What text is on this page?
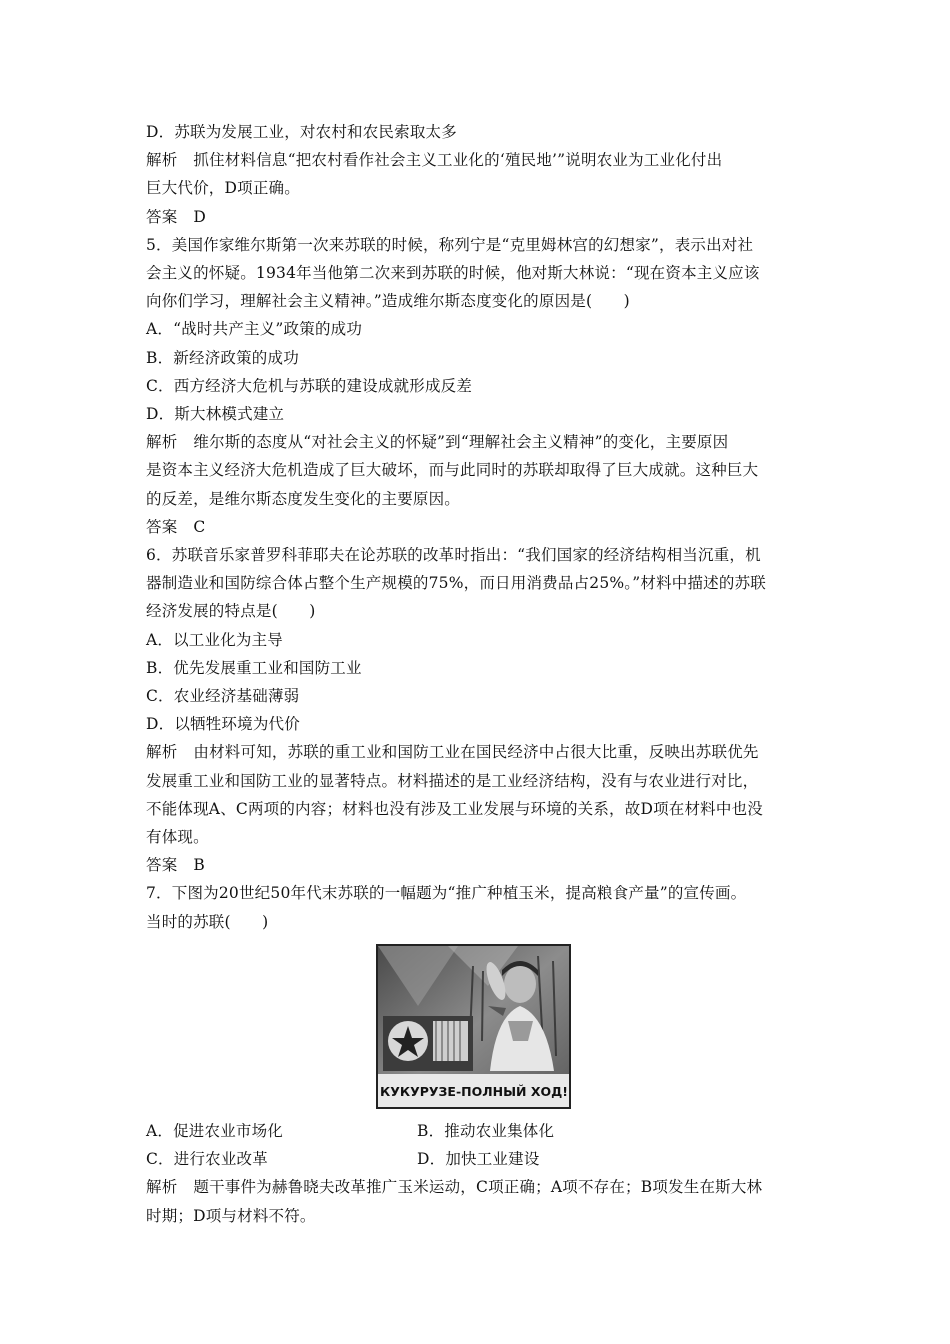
D．苏联为发展工业，对农村和农民索取太多
解析 抓住材料信息“把农村看作社会主义工业化的‘殖民地’”说明农业为工业化付出
巨大代价，D项正确。
答案 D
5．美国作家维尔斯第一次来苏联的时候，称列宁是“克里姆林宫的幻想家”，表示出对社
会主义的怀疑。1934年当他第二次来到苏联的时候，他对斯大林说：“现在资本主义应该
向你们学习，理解社会主义精神。”造成维尔斯态度变化的原因是(　　)
A．“战时共产主义”政策的成功
B．新经济政策的成功
C．西方经济大危机与苏联的建设成就形成反差
D．斯大林模式建立
解析 维尔斯的态度从“对社会主义的怀疑”到“理解社会主义精神”的变化，主要原因
是资本主义经济大危机造成了巨大破坏，而与此同时的苏联却取得了巨大成就。这种巨大
的反差，是维尔斯态度发生变化的主要原因。
答案 C
6．苏联音乐家普罗科菲耶夫在论苏联的改革时指出：“我们国家的经济结构相当沉重，机
器制造业和国防综合体占整个生产规模的75%，而日用消费品占25%。”材料中描述的苏联
经济发展的特点是(　　)
A．以工业化为主导
B．优先发展重工业和国防工业
C．农业经济基础薄弱
D．以牺牲环境为代价
解析 由材料可知，苏联的重工业和国防工业在国民经济中占很大比重，反映出苏联优先
发展重工业和国防工业的显著特点。材料描述的是工业经济结构，没有与农业进行对比，
不能体现A、C两项的内容；材料也没有涉及工业发展与环境的关系，故D项在材料中也没
有体现。
答案 B
7．下图为20世纪50年代末苏联的一幅题为“推广种植玉米，提高粮食产量”的宣传画。
当时的苏联(　　)
КУКУРУЗЕ-ПОЛНЫЙ ХОД!
A．促进农业市场化	B．推动农业集体化
C．进行农业改革	D．加快工业建设
解析 题干事件为赫鲁晓夫改革推广玉米运动，C项正确；A项不存在；B项发生在斯大林
时期；D项与材料不符。
